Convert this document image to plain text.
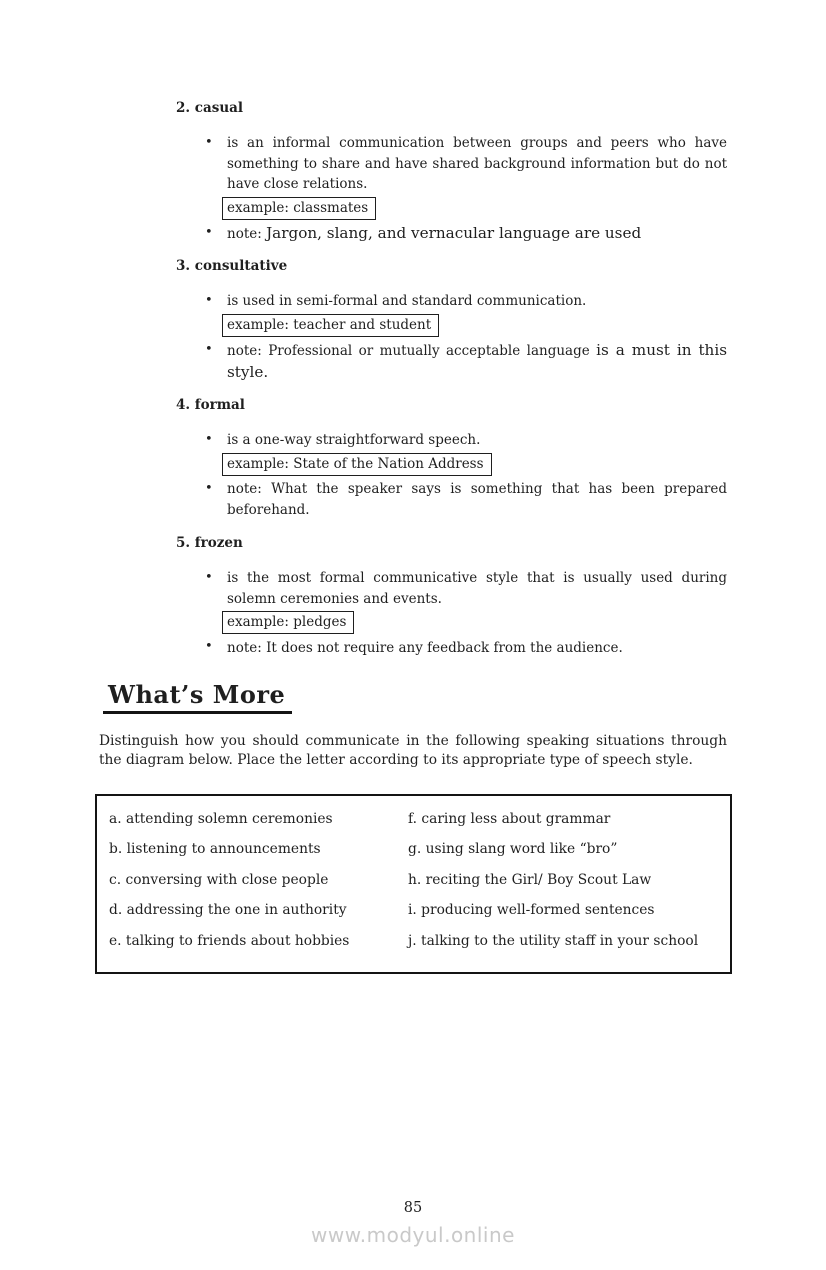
2. casual
• is an informal communication between groups and peers who have something to share and have shared background information but do not have close relations.
example: classmates
• note: Jargon, slang, and vernacular language are used
3. consultative
• is used in semi-formal and standard communication.
example: teacher and student
• note: Professional or mutually acceptable language is a must in this style.
4. formal
• is a one-way straightforward speech.
example: State of the Nation Address
• note: What the speaker says is something that has been prepared beforehand.
5. frozen
• is the most formal communicative style that is usually used during solemn ceremonies and events.
example: pledges
• note: It does not require any feedback from the audience.
What’s More
Distinguish how you should communicate in the following speaking situations through the diagram below. Place the letter according to its appropriate type of speech style.
a. attending solemn ceremonies
b. listening to announcements
c. conversing with close people
d. addressing the one in authority
e. talking to friends about hobbies
f. caring less about grammar
g. using slang word like “bro”
h. reciting the Girl/ Boy Scout Law
i. producing well-formed sentences
j. talking to the utility staff in your school
85
www.modyul.online
